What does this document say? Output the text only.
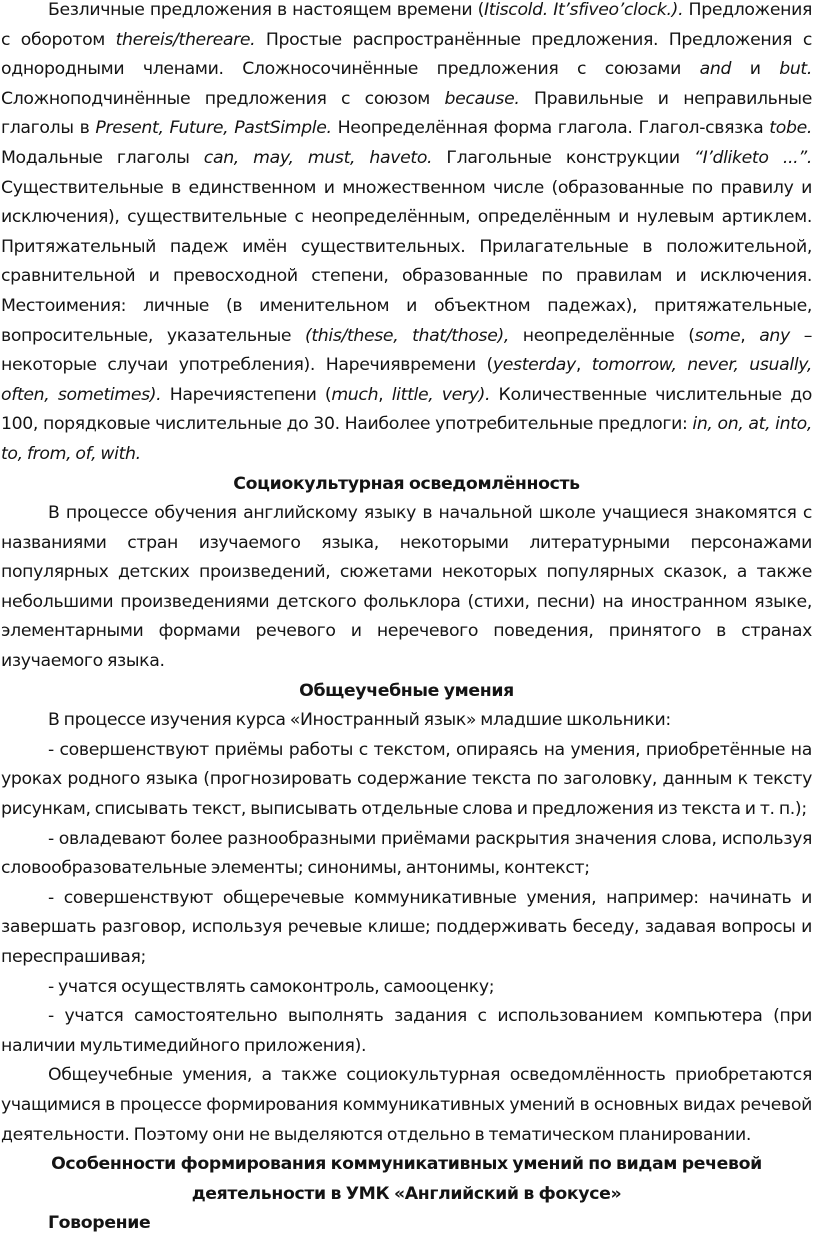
Безличные предложения в настоящем времени (Itiscold. It’sfiveo’clock.). Предложения с оборотом thereis/thereare. Простые распространённые предложения. Предложения с однородными членами. Сложносочинённые предложения с союзами and и but. Сложноподчинённые предложения с союзом because. Правильные и неправильные глаголы в Present, Future, PastSimple. Неопределённая форма глагола. Глагол-связка tobe. Модальные глаголы can, may, must, haveto. Глагольные конструкции “I’dliketo ...”. Существительные в единственном и множественном числе (образованные по правилу и исключения), существительные с неопределённым, определённым и нулевым артиклем. Притяжательный падеж имён существительных. Прилагательные в положительной, сравнительной и превосходной степени, образованные по правилам и исключения. Местоимения: личные (в именительном и объектном падежах), притяжательные, вопросительные, указательные (this/these, that/those), неопределённые (some, any – некоторые случаи употребления). Наречиявремени (yesterday, tomorrow, never, usually, often, sometimes). Наречиястепени (much, little, very). Количественные числительные до 100, порядковые числительные до 30. Наиболее употребительные предлоги: in, on, at, into, to, from, of, with.

Социокультурная осведомлённость

В процессе обучения английскому языку в начальной школе учащиеся знакомятся с названиями стран изучаемого языка, некоторыми литературными персонажами популярных детских произведений, сюжетами некоторых популярных сказок, а также небольшими произведениями детского фольклора (стихи, песни) на иностранном языке, элементарными формами речевого и неречевого поведения, принятого в странах изучаемого языка.

Общеучебные умения

В процессе изучения курса «Иностранный язык» младшие школьники:

- совершенствуют приёмы работы с текстом, опираясь на умения, приобретённые на уроках родного языка (прогнозировать содержание текста по заголовку, данным к тексту рисункам, списывать текст, выписывать отдельные слова и предложения из текста и т. п.);

- овладевают более разнообразными приёмами раскрытия значения слова, используя словообразовательные элементы; синонимы, антонимы, контекст;

- совершенствуют общеречевые коммуникативные умения, например: начинать и завершать разговор, используя речевые клише; поддерживать беседу, задавая вопросы и переспрашивая;

- учатся осуществлять самоконтроль, самооценку;

- учатся самостоятельно выполнять задания с использованием компьютера (при наличии мультимедийного приложения).

Общеучебные умения, а также социокультурная осведомлённость приобретаются учащимися в процессе формирования коммуникативных умений в основных видах речевой деятельности. Поэтому они не выделяются отдельно в тематическом планировании.

Особенности формирования коммуникативных умений по видам речевой

деятельности в УМК «Английский в фокусе»

Говорение
